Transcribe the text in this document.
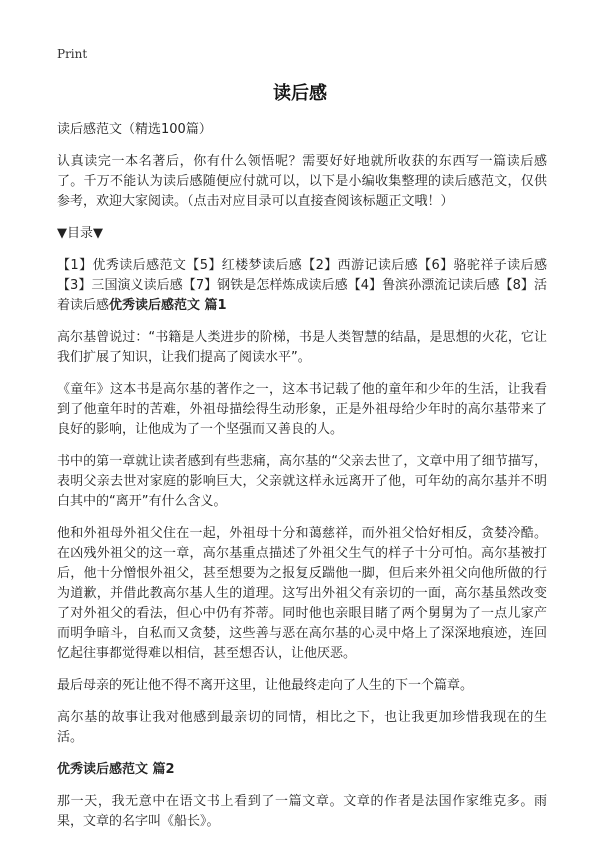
Print
读后感

读后感范文（精选100篇）

认真读完一本名著后，你有什么领悟呢？需要好好地就所收获的东西写一篇读后感了。千万不能认为读后感随便应付就可以，以下是小编收集整理的读后感范文，仅供参考，欢迎大家阅读。（点击对应目录可以直接查阅该标题正文哦！）

▼目录▼
【1】优秀读后感范文【5】红楼梦读后感【2】西游记读后感【6】骆驼祥子读后感【3】三国演义读后感【7】钢铁是怎样炼成读后感【4】鲁滨孙漂流记读后感【8】活着读后感优秀读后感范文 篇1

高尔基曾说过：“书籍是人类进步的阶梯，书是人类智慧的结晶，是思想的火花，它让我们扩展了知识，让我们提高了阅读水平”。

《童年》这本书是高尔基的著作之一，这本书记载了他的童年和少年的生活，让我看到了他童年时的苦难，外祖母描绘得生动形象，正是外祖母给少年时的高尔基带来了良好的影响，让他成为了一个坚强而又善良的人。

书中的第一章就让读者感到有些悲痛，高尔基的“父亲去世了，文章中用了细节描写，表明父亲去世对家庭的影响巨大，父亲就这样永远离开了他，可年幼的高尔基并不明白其中的“离开”有什么含义。

他和外祖母外祖父住在一起，外祖母十分和蔼慈祥，而外祖父恰好相反，贪婪冷酷。在凶残外祖父的这一章，高尔基重点描述了外祖父生气的样子十分可怕。高尔基被打后，他十分憎恨外祖父，甚至想要为之报复反踹他一脚，但后来外祖父向他所做的行为道歉，并借此教高尔基人生的道理。这写出外祖父有亲切的一面，高尔基虽然改变了对外祖父的看法，但心中仍有芥蒂。同时他也亲眼目睹了两个舅舅为了一点儿家产而明争暗斗，自私而又贪婪，这些善与恶在高尔基的心灵中烙上了深深地痕迹，连回忆起往事都觉得难以相信，甚至想否认，让他厌恶。

最后母亲的死让他不得不离开这里，让他最终走向了人生的下一个篇章。

高尔基的故事让我对他感到最亲切的同情，相比之下，也让我更加珍惜我现在的生活。

优秀读后感范文 篇2

那一天，我无意中在语文书上看到了一篇文章。文章的作者是法国作家维克多。雨果，文章的名字叫《船长》。
